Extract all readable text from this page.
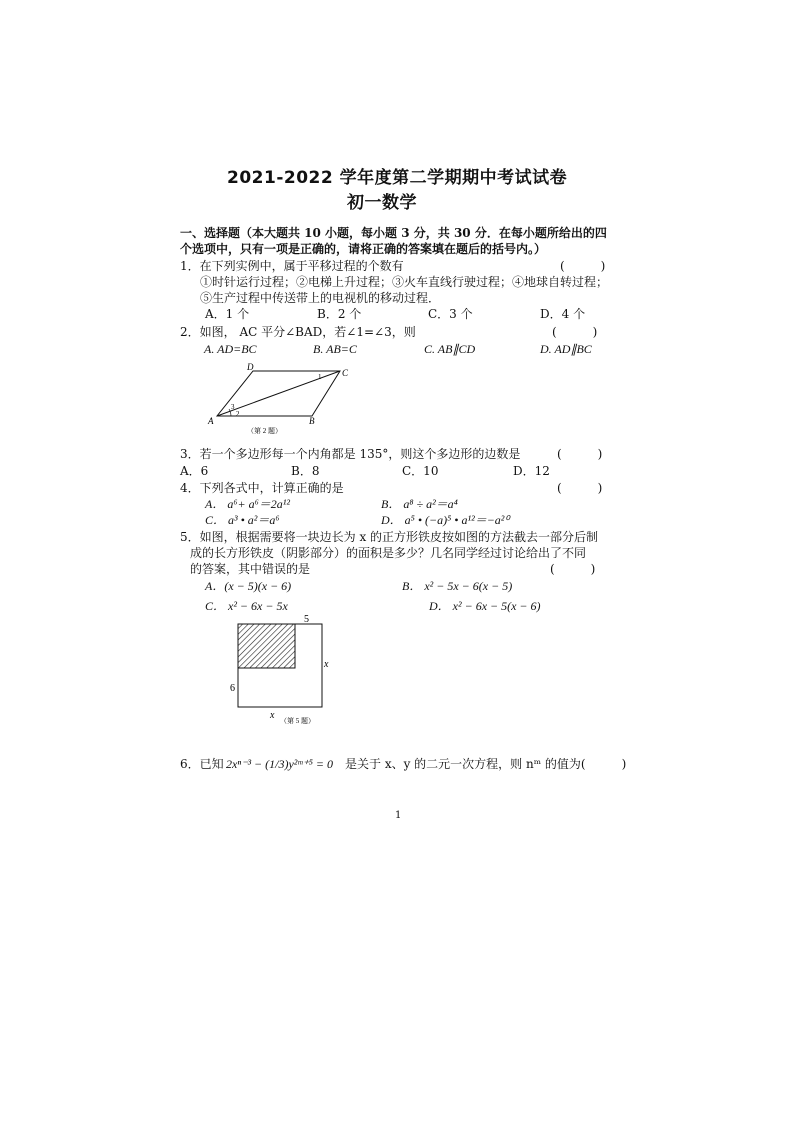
2021-2022 学年度第二学期期中考试试卷
初一数学
一、选择题（本大题共 10 小题，每小题 3 分，共 30 分．在每小题所给出的四
个选项中，只有一项是正确的，请将正确的答案填在题后的括号内。）
1．在下列实例中，属于平移过程的个数有	(　　　)
①时针运行过程；②电梯上升过程；③火车直线行驶过程；④地球自转过程；
⑤生产过程中传送带上的电视机的移动过程．
A．1 个	B．2 个	C．3 个	D．4 个
2．如图， AC 平分∠BAD，若∠1=∠3，则	(　　　)
A. AD=BC	B. AB=C	C. AB∥CD	D. AD∥BC
D
C
A	B
1
3
2
（第 2 题）
3．若一个多边形每一个内角都是 135°，则这个多边形的边数是	(　　　)
A．6	B．8	C．10	D．12
4．下列各式中，计算正确的是	(　　　)
A． a⁶+ a⁶＝2a¹²	B． a⁸ ÷ a²＝a⁴
C． a³ • a²＝a⁶	D． a⁵ • (−a)⁵ • a¹²＝−a²⁰
5．如图，根据需要将一块边长为 x 的正方形铁皮按如图的方法截去一部分后制
成的长方形铁皮（阴影部分）的面积是多少？几名同学经过讨论给出了不同
的答案，其中错误的是	(　　　)
A．(x − 5)(x − 6)	B． x² − 5x − 6(x − 5)
C． x² − 6x − 5x	D． x² − 6x − 5(x − 6)
5
x
6
x （第 5 题）
6．已知 2xⁿ⁻³ − (1/3)y²ᵐ⁺⁵ = 0 是关于 x、y 的二元一次方程，则 nᵐ 的值为(　　　)
1
